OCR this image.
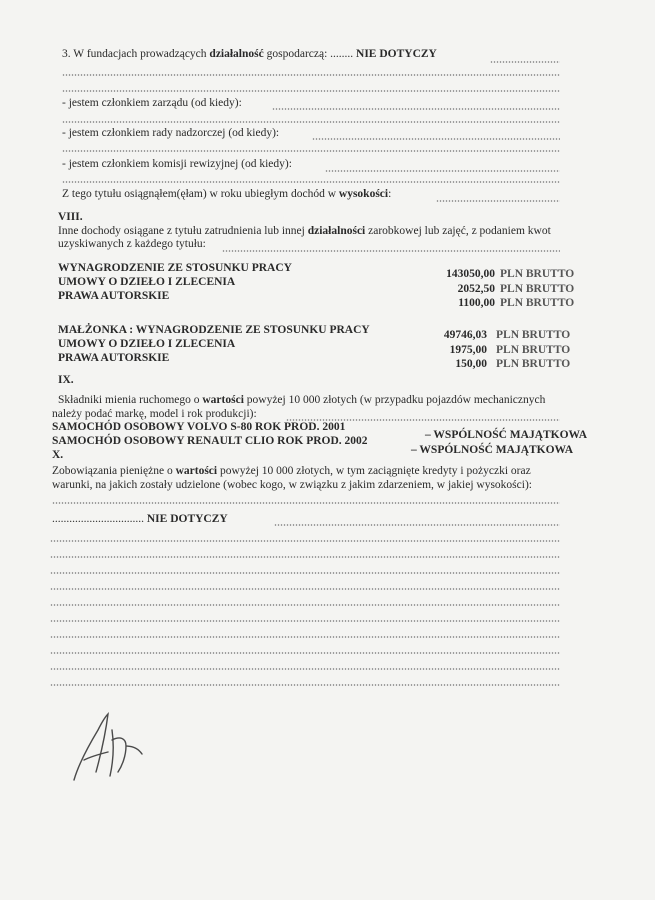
3. W fundacjach prowadzących działalność gospodarczą: ........ NIE DOTYCZY
- jestem członkiem zarządu (od kiedy):
- jestem członkiem rady nadzorczej (od kiedy):
- jestem członkiem komisji rewizyjnej (od kiedy):
Z tego tytułu osiągnąłem(ęłam) w roku ubiegłym dochód w wysokości:
VIII.
Inne dochody osiągane z tytułu zatrudnienia lub innej działalności zarobkowej lub zajęć, z podaniem kwot
uzyskiwanych z każdego tytułu:
WYNAGRODZENIE ZE STOSUNKU PRACY
UMOWY O DZIEŁO I ZLECENIA
PRAWA AUTORSKIE
143050,00
2052,50
1100,00
PLN BRUTTO
PLN BRUTTO
PLN BRUTTO
MAŁŻONKA : WYNAGRODZENIE ZE STOSUNKU PRACY
UMOWY O DZIEŁO I ZLECENIA
PRAWA AUTORSKIE
49746,03
1975,00
150,00
PLN BRUTTO
PLN BRUTTO
PLN BRUTTO
IX.
Składniki mienia ruchomego o wartości powyżej 10 000 złotych (w przypadku pojazdów mechanicznych
należy podać markę, model i rok produkcji):
SAMOCHÓD OSOBOWY VOLVO S-80 ROK PROD. 2001
– WSPÓLNOŚĆ MAJĄTKOWA
SAMOCHÓD OSOBOWY RENAULT CLIO ROK PROD. 2002
– WSPÓLNOŚĆ MAJĄTKOWA
X.
Zobowiązania pieniężne o wartości powyżej 10 000 złotych, w tym zaciągnięte kredyty i pożyczki oraz
warunki, na jakich zostały udzielone (wobec kogo, w związku z jakim zdarzeniem, w jakiej wysokości):
................................ NIE DOTYCZY
